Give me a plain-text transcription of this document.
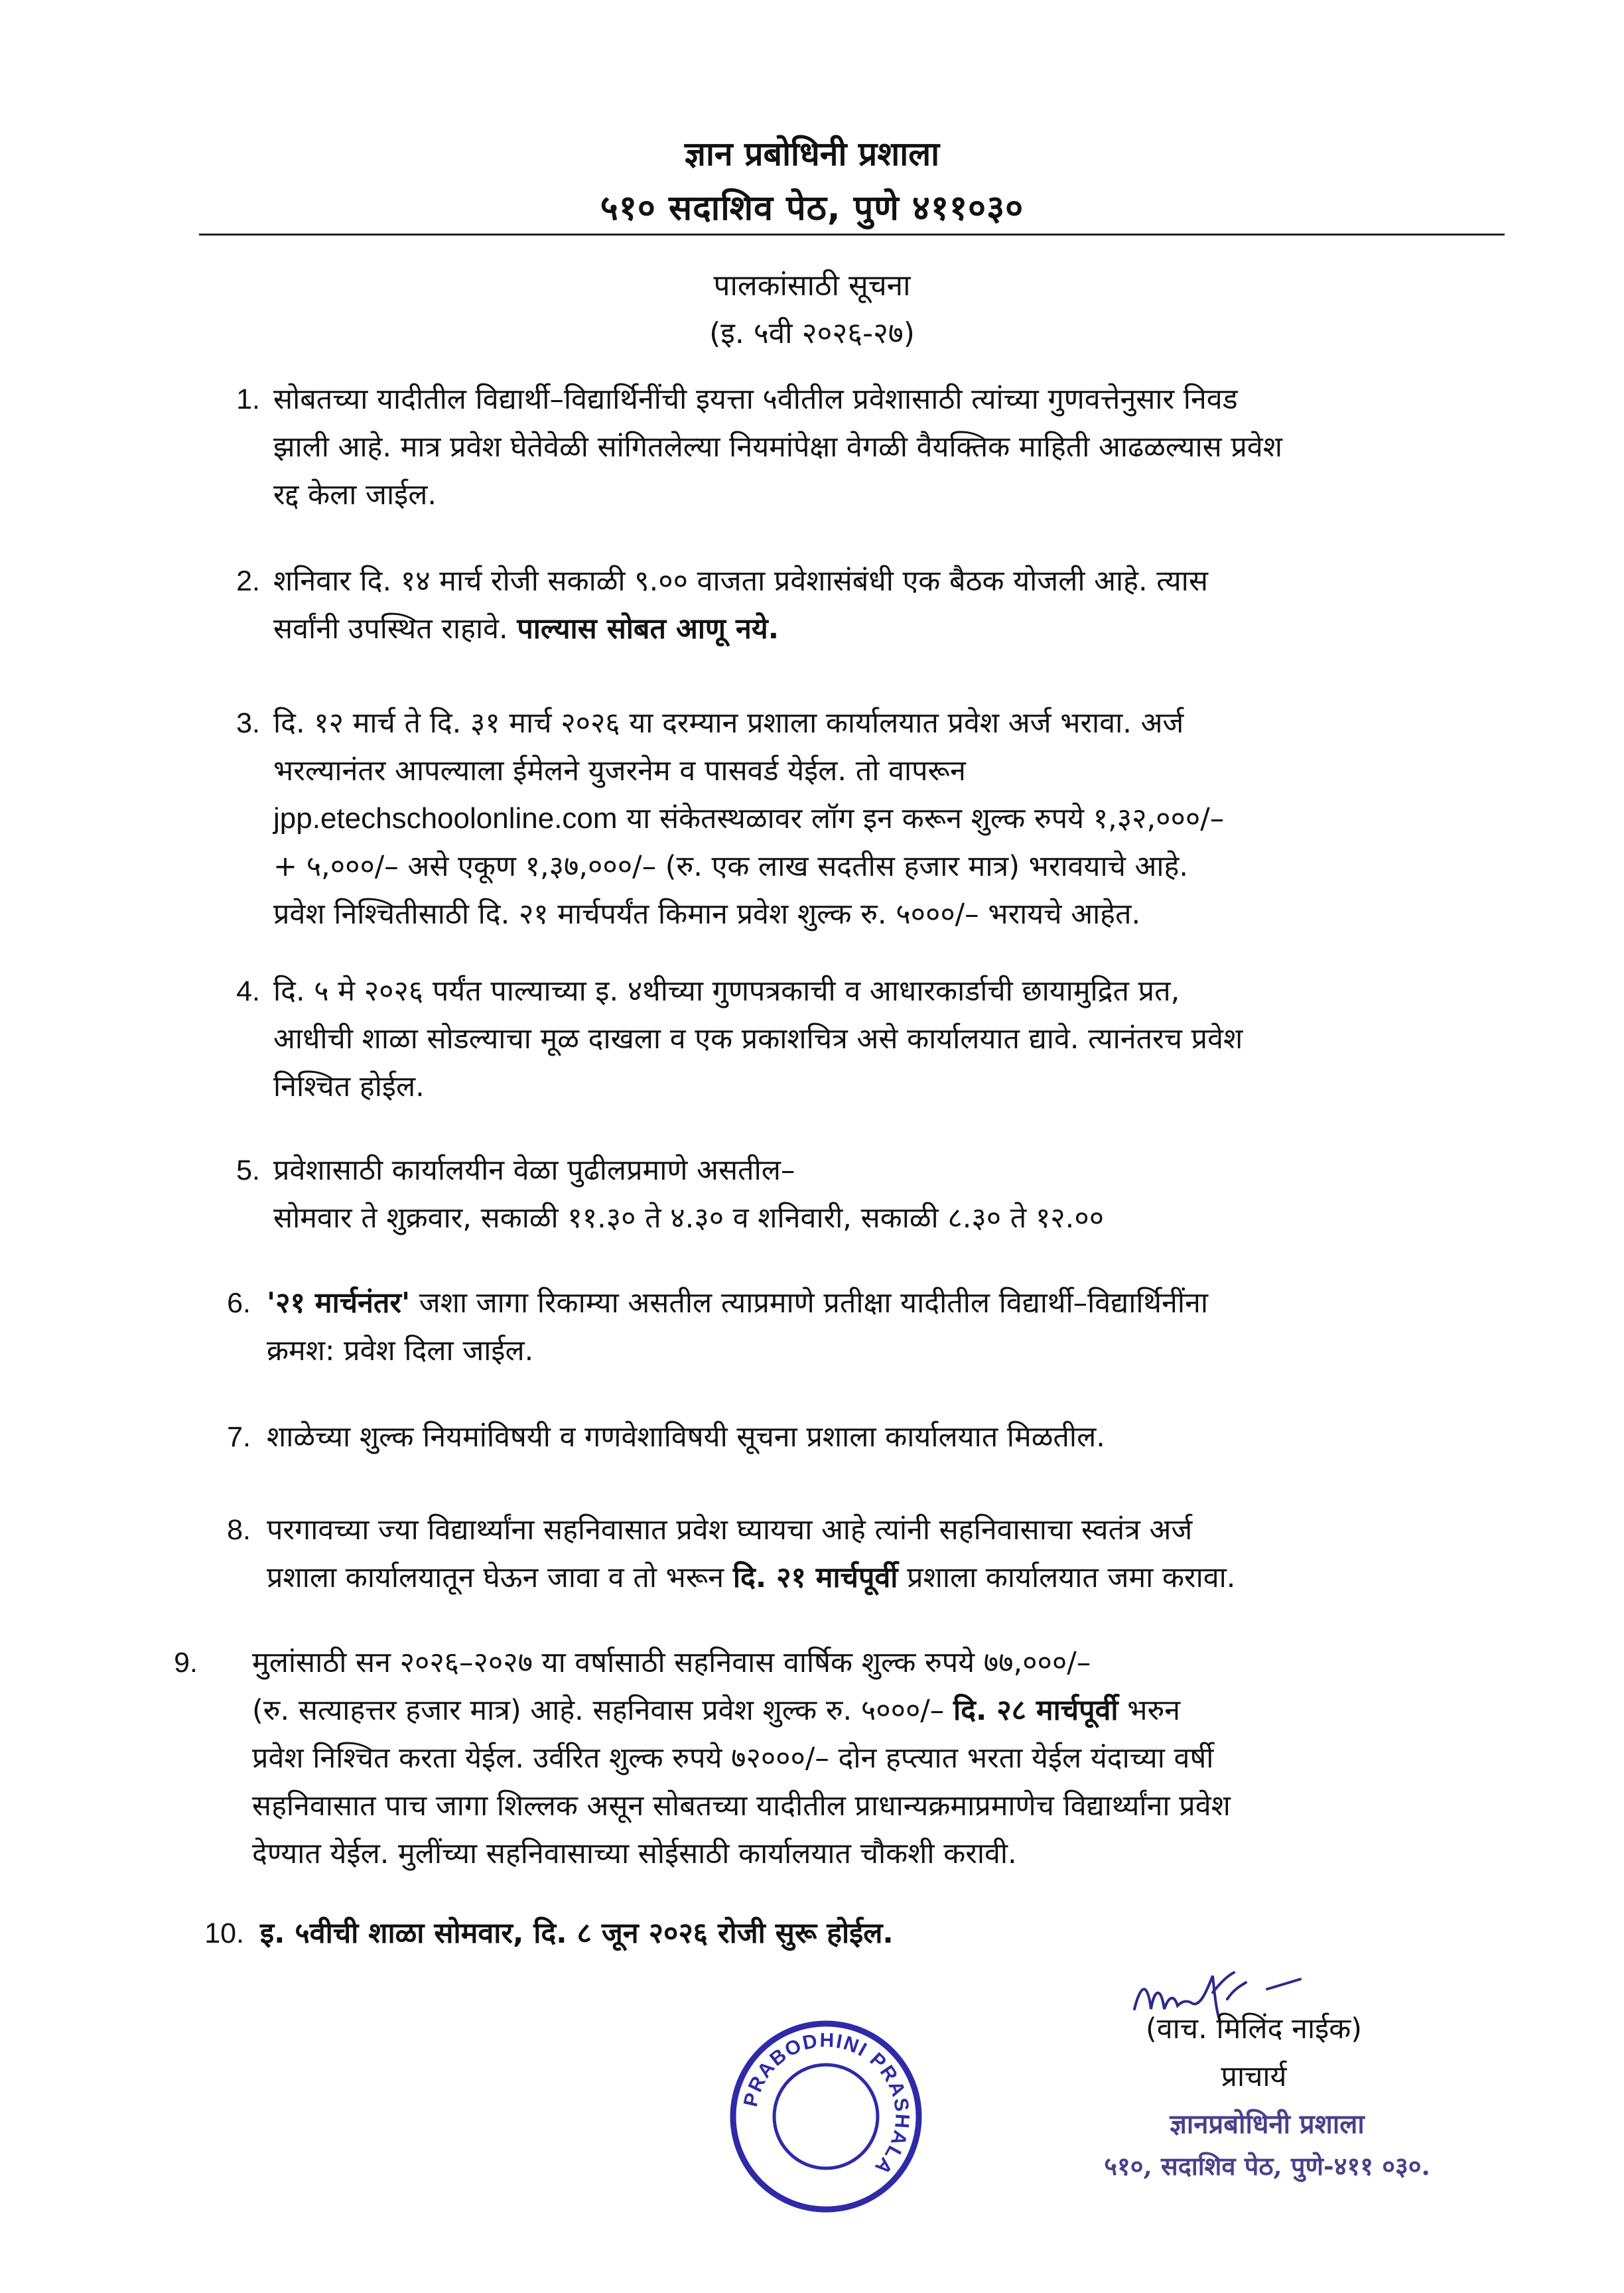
ज्ञान प्रबोधिनी प्रशाला
५१० सदाशिव पेठ, पुणे ४११०३०
पालकांसाठी सूचना
(इ. ५वी २०२६-२७)
1. सोबतच्या यादीतील विद्यार्थी–विद्यार्थिनींची इयत्ता ५वीतील प्रवेशासाठी त्यांच्या गुणवत्तेनुसार निवड
झाली आहे. मात्र प्रवेश घेतेवेळी सांगितलेल्या नियमांपेक्षा वेगळी वैयक्तिक माहिती आढळल्यास प्रवेश
रद्द केला जाईल.
2. शनिवार दि. १४ मार्च रोजी सकाळी ९.०० वाजता प्रवेशासंबंधी एक बैठक योजली आहे. त्यास
सर्वांनी उपस्थित राहावे. पाल्यास सोबत आणू नये.
3. दि. १२ मार्च ते दि. ३१ मार्च २०२६ या दरम्यान प्रशाला कार्यालयात प्रवेश अर्ज भरावा. अर्ज
भरल्यानंतर आपल्याला ईमेलने युजरनेम व पासवर्ड येईल. तो वापरून
jpp.etechschoolonline.com या संकेतस्थळावर लॉग इन करून शुल्क रुपये १,३२,०००/–
+ ५,०००/– असे एकूण १,३७,०००/– (रु. एक लाख सदतीस हजार मात्र) भरावयाचे आहे.
प्रवेश निश्चितीसाठी दि. २१ मार्चपर्यंत किमान प्रवेश शुल्क रु. ५०००/– भरायचे आहेत.
4. दि. ५ मे २०२६ पर्यंत पाल्याच्या इ. ४थीच्या गुणपत्रकाची व आधारकार्डाची छायामुद्रित प्रत,
आधीची शाळा सोडल्याचा मूळ दाखला व एक प्रकाशचित्र असे कार्यालयात द्यावे. त्यानंतरच प्रवेश
निश्चित होईल.
5. प्रवेशासाठी कार्यालयीन वेळा पुढीलप्रमाणे असतील–
सोमवार ते शुक्रवार, सकाळी ११.३० ते ४.३० व शनिवारी, सकाळी ८.३० ते १२.००
6. '२१ मार्चनंतर' जशा जागा रिकाम्या असतील त्याप्रमाणे प्रतीक्षा यादीतील विद्यार्थी–विद्यार्थिनींना
क्रमश: प्रवेश दिला जाईल.
7. शाळेच्या शुल्क नियमांविषयी व गणवेशाविषयी सूचना प्रशाला कार्यालयात मिळतील.
8. परगावच्या ज्या विद्यार्थ्यांना सहनिवासात प्रवेश घ्यायचा आहे त्यांनी सहनिवासाचा स्वतंत्र अर्ज
प्रशाला कार्यालयातून घेऊन जावा व तो भरून दि. २१ मार्चपूर्वी प्रशाला कार्यालयात जमा करावा.
9. मुलांसाठी सन २०२६–२०२७ या वर्षासाठी सहनिवास वार्षिक शुल्क रुपये ७७,०००/–
(रु. सत्याहत्तर हजार मात्र) आहे. सहनिवास प्रवेश शुल्क रु. ५०००/– दि. २८ मार्चपूर्वी भरुन
प्रवेश निश्चित करता येईल. उर्वरित शुल्क रुपये ७२०००/– दोन हप्त्यात भरता येईल यंदाच्या वर्षी
सहनिवासात पाच जागा शिल्लक असून सोबतच्या यादीतील प्राधान्यक्रमाप्रमाणेच विद्यार्थ्यांना प्रवेश
देण्यात येईल. मुलींच्या सहनिवासाच्या सोईसाठी कार्यालयात चौकशी करावी.
10. इ. ५वीची शाळा सोमवार, दि. ८ जून २०२६ रोजी सुरू होईल.
(वाच. मिलिंद नाईक)
प्राचार्य
ज्ञानप्रबोधिनी प्रशाला
५१०, सदाशिव पेठ, पुणे-४११ ०३०.
PRABODHINI PRASHALA
